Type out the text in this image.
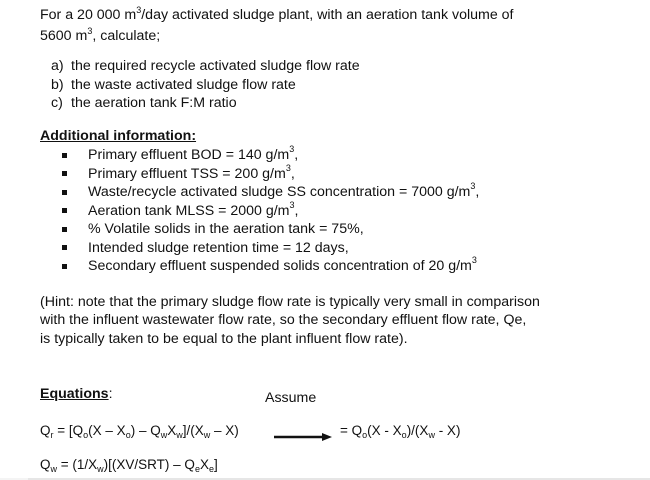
For a 20 000 $m^3$/day activated sludge plant, with an aeration tank volume of
5600 $m^3$, calculate;
a) the required recycle activated sludge flow rate
b) the waste activated sludge flow rate
c) the aeration tank F:M ratio
Additional information:
Primary effluent BOD = 140 $g/m^3$ ,
Primary effluent TSS = 200 $g/m^3$ ,
Waste/recycle activated sludge SS concentration = 7000 $g/m^3$ ,
Aeration tank MLSS = 2000 $g/m^3$ ,
% Volatile solids in the aeration tank = 75%,
Intended sludge retention time = 12 days,
Secondary effluent suspended solids concentration of 20 $g/m^3$
(Hint: note that the primary sludge flow rate is typically very small in comparison
with the influent wastewater flow rate, so the secondary effluent flow rate, Qe,
is typically taken to be equal to the plant influent flow rate).
Equations:	Assume
$Q_r = [Q_o(X - X_o) - Q_wX_w]/(X_w - X)$	= $Q_o(X - X_o)/(X_w - X)$
$Q_w = (1/X_w)[(XV/SRT) - Q_eX_e]$
